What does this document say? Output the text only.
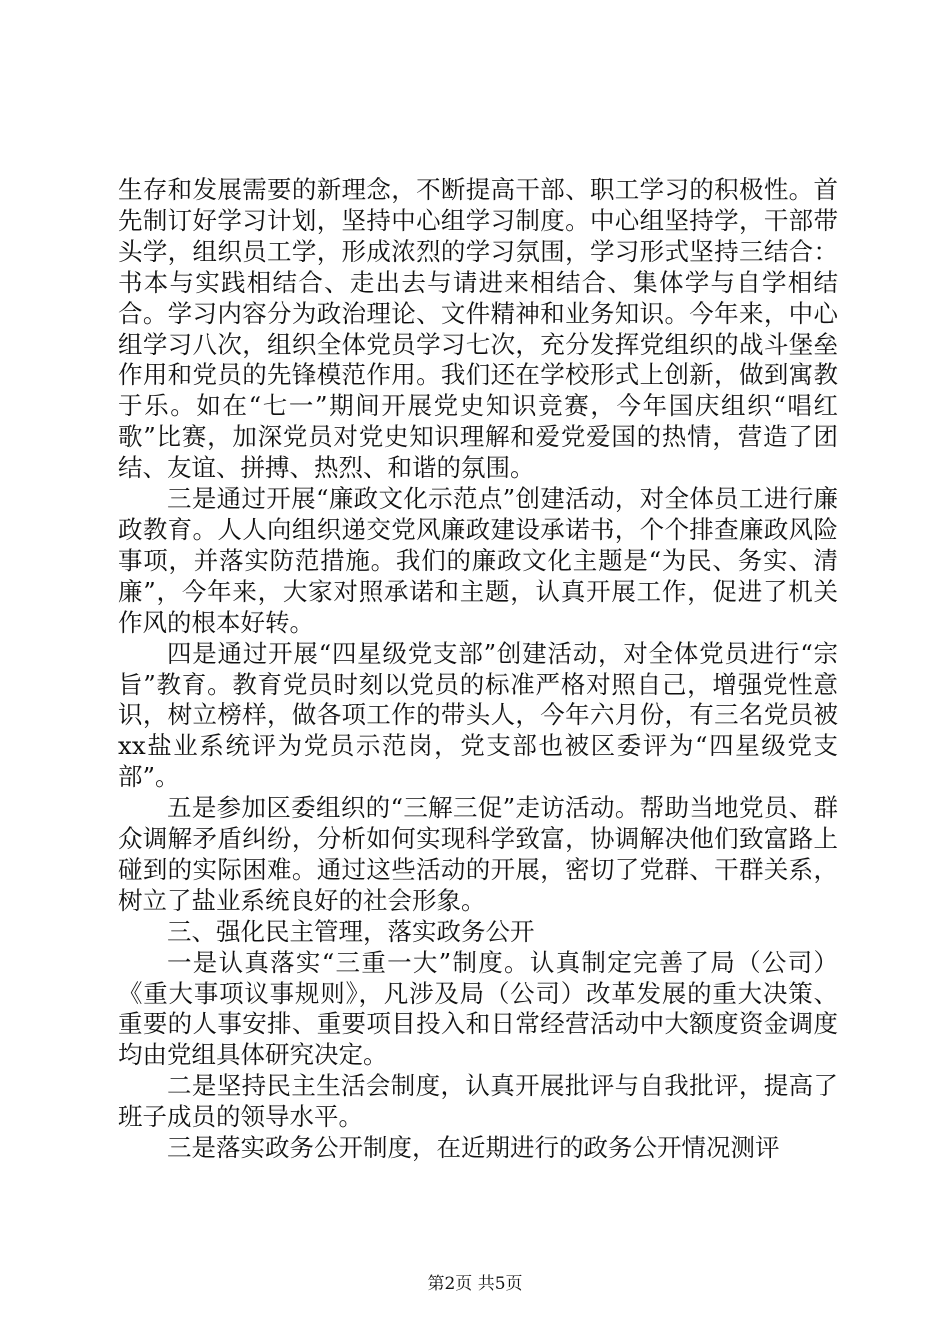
生存和发展需要的新理念，不断提高干部、职工学习的积极性。首先制订好学习计划，坚持中心组学习制度。中心组坚持学，干部带头学，组织员工学，形成浓烈的学习氛围，学习形式坚持三结合：书本与实践相结合、走出去与请进来相结合、集体学与自学相结合。学习内容分为政治理论、文件精神和业务知识。今年来，中心组学习八次，组织全体党员学习七次，充分发挥党组织的战斗堡垒作用和党员的先锋模范作用。我们还在学校形式上创新，做到寓教于乐。如在“七一”期间开展党史知识竞赛，今年国庆组织“唱红歌”比赛，加深党员对党史知识理解和爱党爱国的热情，营造了团结、友谊、拼搏、热烈、和谐的氛围。

三是通过开展“廉政文化示范点”创建活动，对全体员工进行廉政教育。人人向组织递交党风廉政建设承诺书，个个排查廉政风险事项，并落实防范措施。我们的廉政文化主题是“为民、务实、清廉”，今年来，大家对照承诺和主题，认真开展工作，促进了机关作风的根本好转。

四是通过开展“四星级党支部”创建活动，对全体党员进行“宗旨”教育。教育党员时刻以党员的标准严格对照自己，增强党性意识，树立榜样，做各项工作的带头人，今年六月份，有三名党员被xx盐业系统评为党员示范岗，党支部也被区委评为“四星级党支部”。

五是参加区委组织的“三解三促”走访活动。帮助当地党员、群众调解矛盾纠纷，分析如何实现科学致富，协调解决他们致富路上碰到的实际困难。通过这些活动的开展，密切了党群、干群关系，树立了盐业系统良好的社会形象。

三、强化民主管理，落实政务公开

一是认真落实“三重一大”制度。认真制定完善了局（公司）《重大事项议事规则》，凡涉及局（公司）改革发展的重大决策、重要的人事安排、重要项目投入和日常经营活动中大额度资金调度均由党组具体研究决定。

二是坚持民主生活会制度，认真开展批评与自我批评，提高了班子成员的领导水平。

三是落实政务公开制度，在近期进行的政务公开情况测评

第2页 共5页
